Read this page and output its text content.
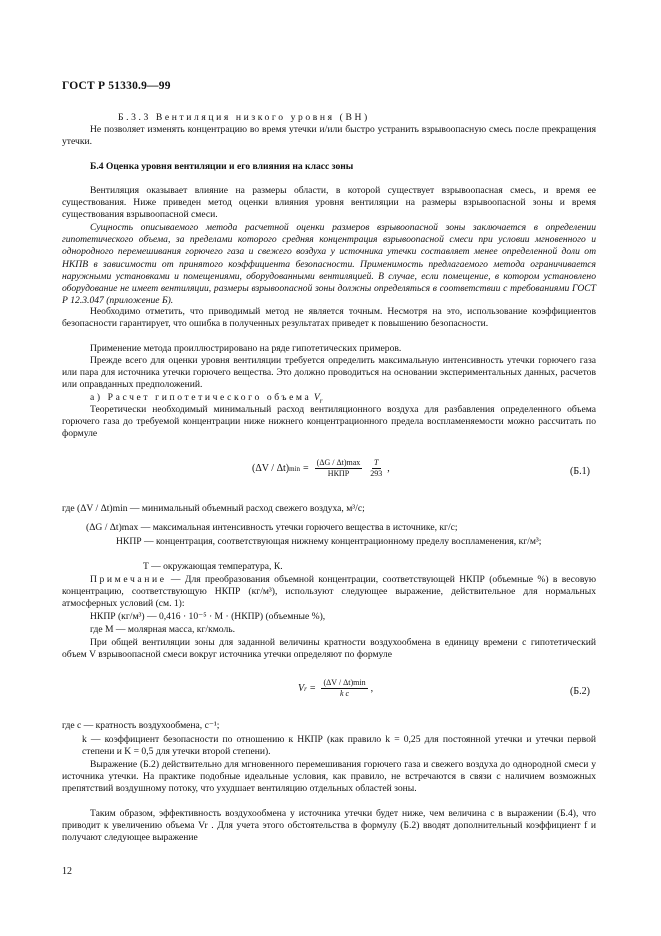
ГОСТ Р 51330.9—99
Б.3.3 Вентиляция низкого уровня (ВН)
Не позволяет изменять концентрацию во время утечки и/или быстро устранить взрывоопасную смесь после прекращения утечки.
Б.4 Оценка уровня вентиляции и его влияния на класс зоны
Вентиляция оказывает влияние на размеры области, в которой существует взрывоопасная смесь, и время ее существования. Ниже приведен метод оценки влияния уровня вентиляции на размеры взрывоопасной зоны и время существования взрывоопасной смеси.
Сущность описываемого метода расчетной оценки размеров взрывоопасной зоны заключается в определении гипотетического объема, за пределами которого средняя концентрация взрывоопасной смеси при условии мгновенного и однородного перемешивания горючего газа и свежего воздуха у источника утечки составляет менее определенной доли от НКПВ в зависимости от принятого коэффициента безопасности. Применимость предлагаемого метода ограничивается наружными установками и помещениями, оборудованными вентиляцией. В случае, если помещение, в котором установлено оборудование не имеет вентиляции, размеры взрывоопасной зоны должны определяться в соответствии с требованиями ГОСТ Р 12.3.047 (приложение Б).
Необходимо отметить, что приводимый метод не является точным. Несмотря на это, использование коэффициентов безопасности гарантирует, что ошибка в полученных результатах приведет к повышению безопасности.
Применение метода проиллюстрировано на ряде гипотетических примеров.
Прежде всего для оценки уровня вентиляции требуется определить максимальную интенсивность утечки горючего газа или пара для источника утечки горючего вещества. Это должно проводиться на основании экспериментальных данных, расчетов или оправданных предположений.
а) Расчет гипотетического объема $V_r$
Теоретически необходимый минимальный расход вентиляционного воздуха для разбавления определенного объема горючего газа до требуемой концентрации ниже нижнего концентрационного предела воспламеняемости можно рассчитать по формуле
(ΔV / Δt) $\min = \frac{(\Delta G / \Delta t)\max}{\text{НКПР}} \frac{T}{293}$ ,	(Б.1)
где (ΔV / Δt)min — минимальный объемный расход свежего воздуха, м³/с;
(ΔG / Δt)max — максимальная интенсивность утечки горючего вещества в источнике, кг/с;
НКПР — концентрация, соответствующая нижнему концентрационному пределу воспламенения, кг/м³;
T — окружающая температура, К.
Примечание — Для преобразования объемной концентрации, соответствующей НКПР (объемные %) в весовую концентрацию, соответствующую НКПР (кг/м³), используют следующее выражение, действительное для нормальных атмосферных условий (см. 1):
НКПР (кг/м³) — 0,416 · 10⁻⁵ · М · (НКПР) (объемные %),
где М — молярная масса, кг/кмоль.
При общей вентиляции зоны для заданной величины кратности воздухообмена в единицу времени c гипотетический объем V взрывоопасной смеси вокруг источника утечки определяют по формуле
V $r = \frac{(\Delta V / \Delta t)\min}{\text{k c}}$ ,	(Б.2)
где c — кратность воздухообмена, с⁻¹;
k — коэффициент безопасности по отношению к НКПР (как правило k = 0,25 для постоянной утечки и утечки первой степени и K = 0,5 для утечки второй степени).
Выражение (Б.2) действительно для мгновенного перемешивания горючего газа и свежего воздуха до однородной смеси у источника утечки. На практике подобные идеальные условия, как правило, не встречаются в связи с наличием возможных препятствий воздушному потоку, что ухудшает вентиляцию отдельных областей зоны.
Таким образом, эффективность воздухообмена у источника утечки будет ниже, чем величина c в выражении (Б.4), что приводит к увеличению объема Vr . Для учета этого обстоятельства в формулу (Б.2) вводят дополнительный коэффициент f и получают следующее выражение
12
